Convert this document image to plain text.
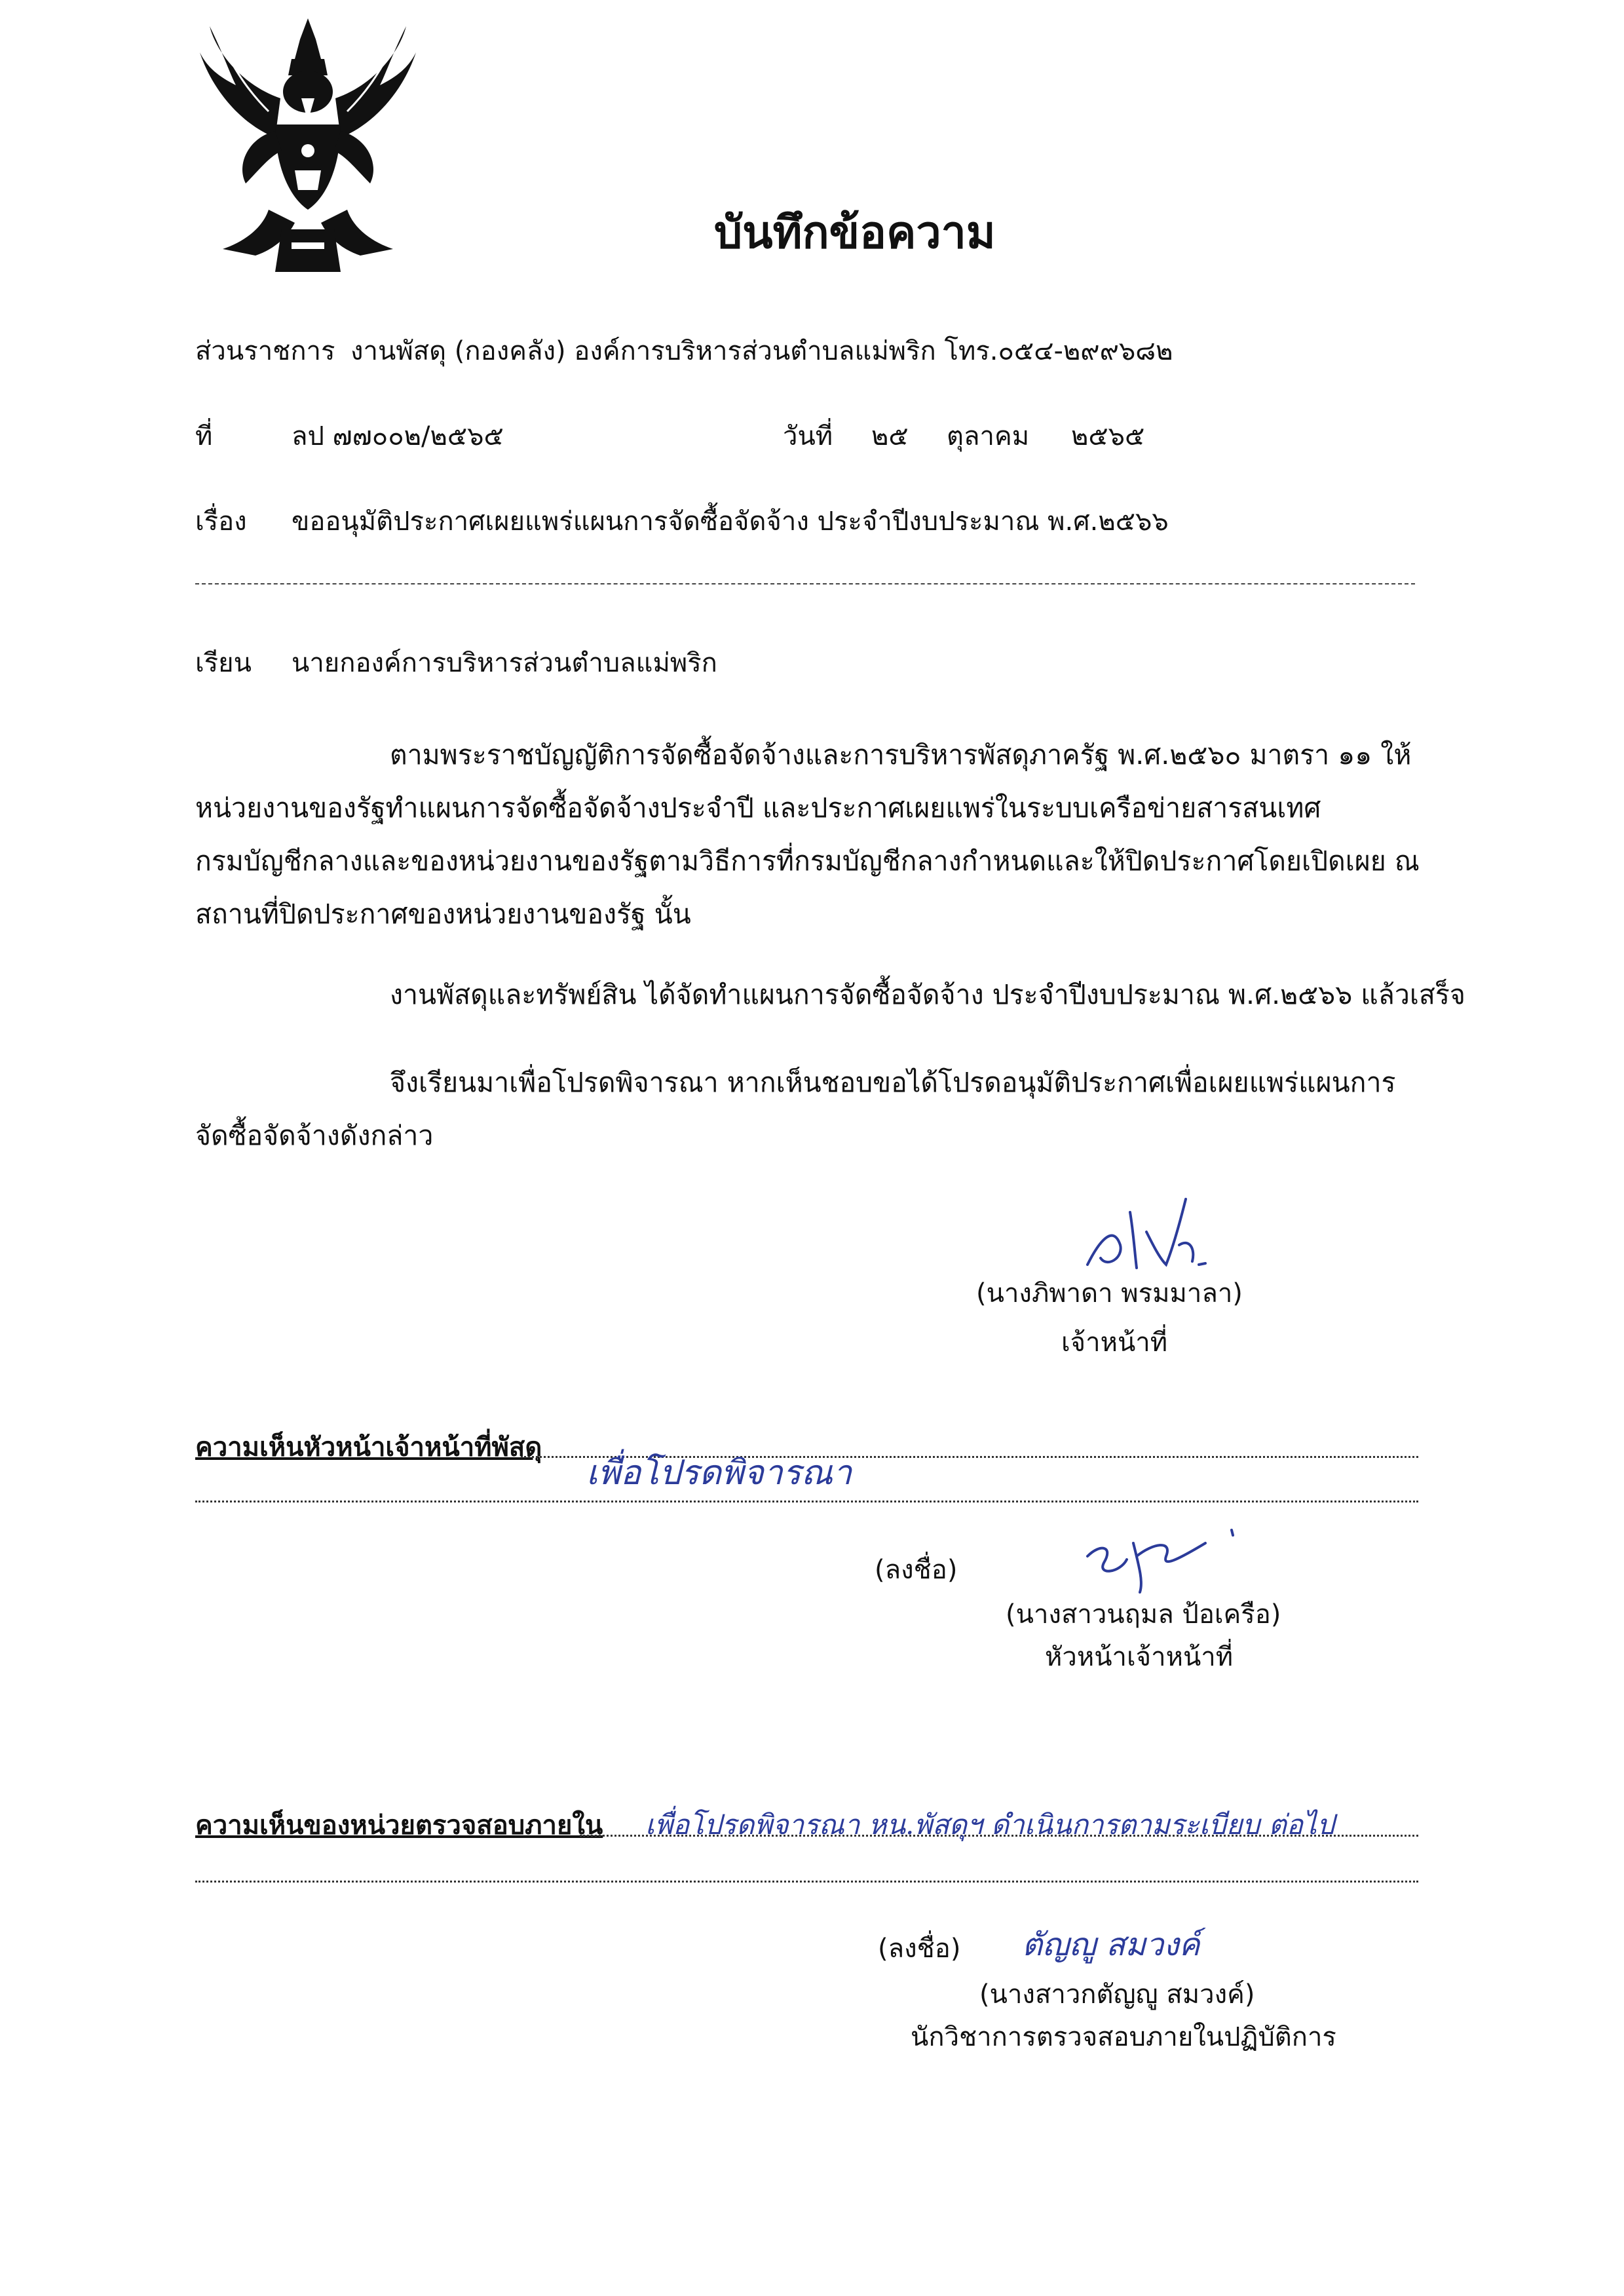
บันทึกข้อความ
ส่วนราชการ งานพัสดุ (กองคลัง) องค์การบริหารส่วนตำบลแม่พริก โทร.๐๕๔-๒๙๙๖๘๒
ที่	ลป ๗๗๐๐๒/๒๕๖๕	วันที่ ๒๕ ตุลาคม ๒๕๖๕
เรื่อง ขออนุมัติประกาศเผยแพร่แผนการจัดซื้อจัดจ้าง ประจำปีงบประมาณ พ.ศ.๒๕๖๖
เรียน นายกองค์การบริหารส่วนตำบลแม่พริก
ตามพระราชบัญญัติการจัดซื้อจัดจ้างและการบริหารพัสดุภาครัฐ พ.ศ.๒๕๖๐ มาตรา ๑๑ ให้
หน่วยงานของรัฐทำแผนการจัดซื้อจัดจ้างประจำปี และประกาศเผยแพร่ในระบบเครือข่ายสารสนเทศ
กรมบัญชีกลางและของหน่วยงานของรัฐตามวิธีการที่กรมบัญชีกลางกำหนดและให้ปิดประกาศโดยเปิดเผย ณ
สถานที่ปิดประกาศของหน่วยงานของรัฐ นั้น
งานพัสดุและทรัพย์สิน ได้จัดทำแผนการจัดซื้อจัดจ้าง ประจำปีงบประมาณ พ.ศ.๒๕๖๖ แล้วเสร็จ
จึงเรียนมาเพื่อโปรดพิจารณา หากเห็นชอบขอได้โปรดอนุมัติประกาศเพื่อเผยแพร่แผนการ
จัดซื้อจัดจ้างดังกล่าว
(นางภิพาดา พรมมาลา)
เจ้าหน้าที่
ความเห็นหัวหน้าเจ้าหน้าที่พัสดุ
เพื่อโปรดพิจารณา
(ลงชื่อ)
(นางสาวนฤมล ป้อเครือ)
หัวหน้าเจ้าหน้าที่
ความเห็นของหน่วยตรวจสอบภายใน เพื่อโปรดพิจารณา หน.พัสดุฯ ดำเนินการตามระเบียบ ต่อไป
(ลงชื่อ) ตัญญู สมวงค์
(นางสาวกตัญญู สมวงค์)
นักวิชาการตรวจสอบภายในปฏิบัติการ
